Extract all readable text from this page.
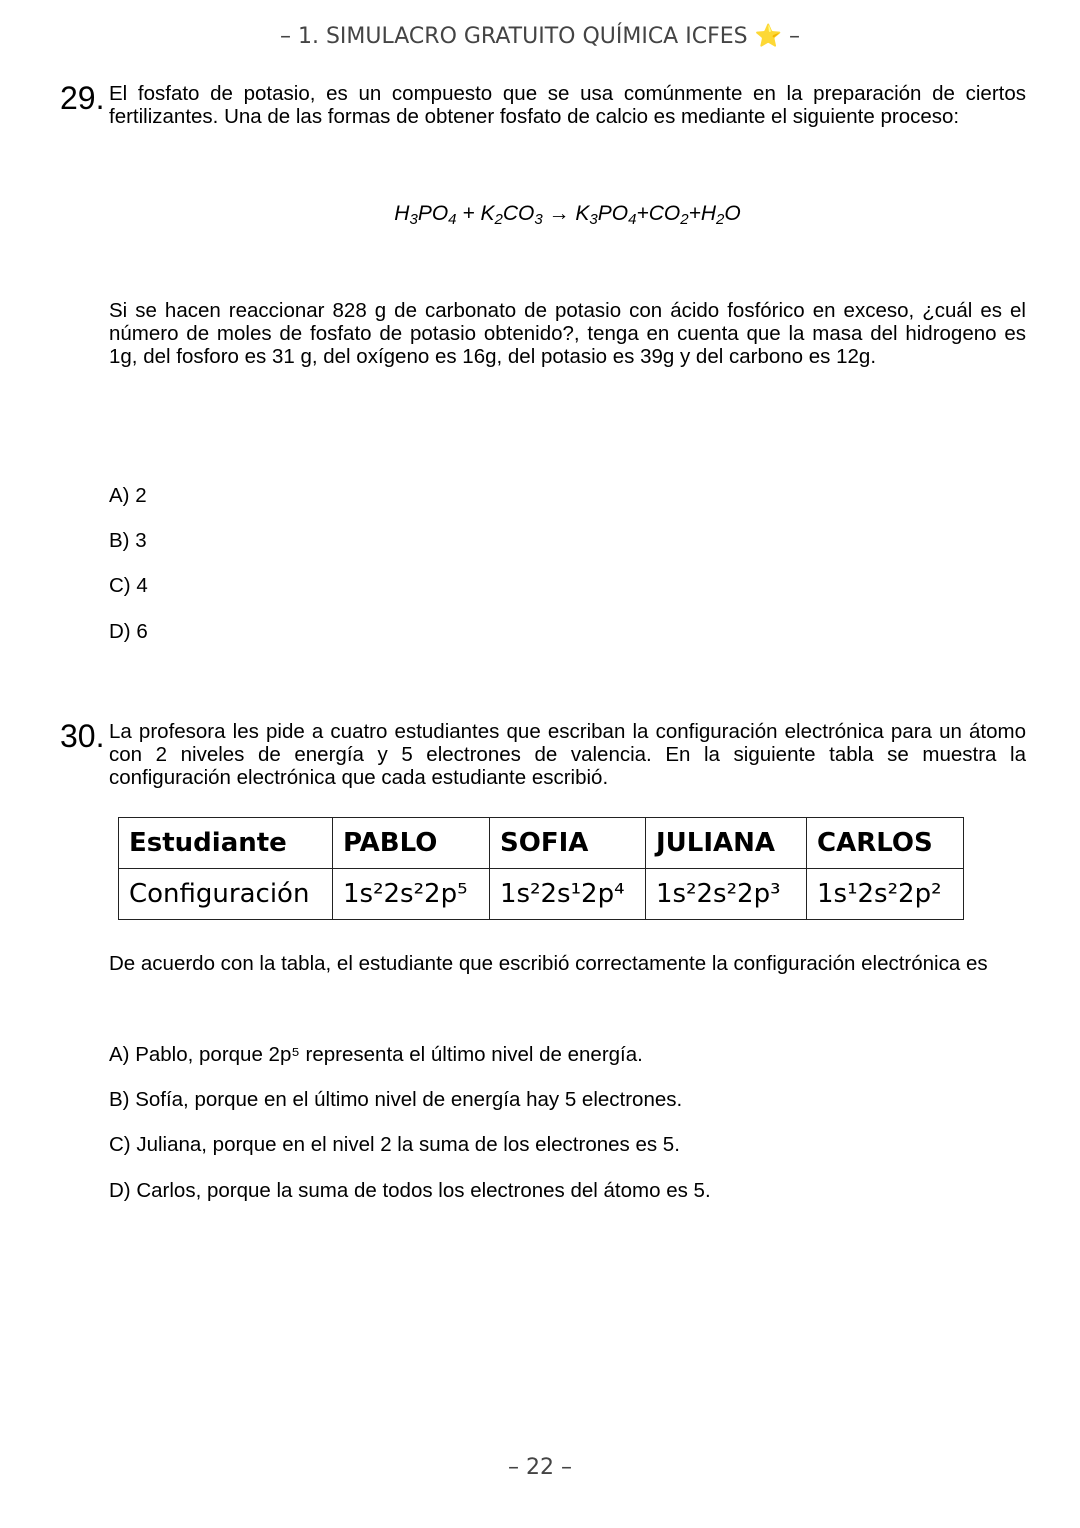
– 1. SIMULACRO GRATUITO QUÍMICA ICFES ⭐ –
29. El fosfato de potasio, es un compuesto que se usa comúnmente en la preparación de ciertos fertilizantes. Una de las formas de obtener fosfato de calcio es mediante el siguiente proceso:
$H_3PO_4 + K_2CO_3 \to K_3PO_4+CO_2+H_2O$
Si se hacen reaccionar 828 g de carbonato de potasio con ácido fosfórico en exceso, ¿cuál es el número de moles de fosfato de potasio obtenido?, tenga en cuenta que la masa del hidrogeno es 1g, del fosforo es 31 g, del oxígeno es 16g, del potasio es 39g y del carbono es 12g.
A) 2
B) 3
C) 4
D) 6
30. La profesora les pide a cuatro estudiantes que escriban la configuración electrónica para un átomo con 2 niveles de energía y 5 electrones de valencia. En la siguiente tabla se muestra la configuración electrónica que cada estudiante escribió.
Estudiante	PABLO	SOFIA	JULIANA	CARLOS
Configuración	1s²2s²2p⁵	1s²2s¹2p⁴	1s²2s²2p³	1s¹2s²2p²
De acuerdo con la tabla, el estudiante que escribió correctamente la configuración electrónica es
A) Pablo, porque 2p⁵ representa el último nivel de energía.
B) Sofía, porque en el último nivel de energía hay 5 electrones.
C) Juliana, porque en el nivel 2 la suma de los electrones es 5.
D) Carlos, porque la suma de todos los electrones del átomo es 5.
– 22 –
